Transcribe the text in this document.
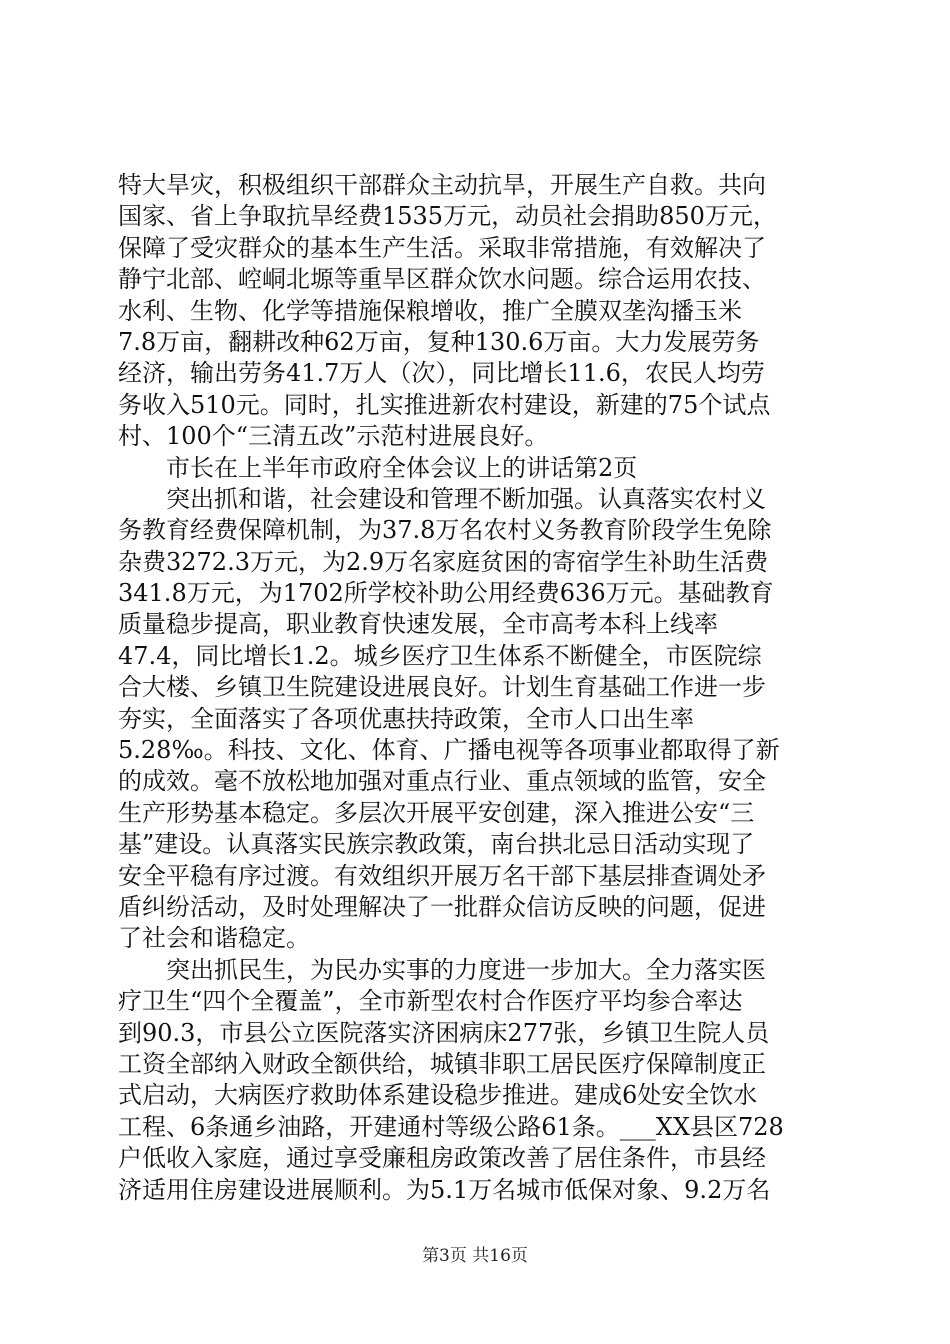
特大旱灾，积极组织干部群众主动抗旱，开展生产自救。共向
国家、省上争取抗旱经费1535万元，动员社会捐助850万元，
保障了受灾群众的基本生产生活。采取非常措施，有效解决了
静宁北部、崆峒北塬等重旱区群众饮水问题。综合运用农技、
水利、生物、化学等措施保粮增收，推广全膜双垄沟播玉米
7.8万亩，翻耕改种62万亩，复种130.6万亩。大力发展劳务
经济，输出劳务41.7万人（次），同比增长11.6，农民人均劳
务收入510元。同时，扎实推进新农村建设，新建的75个试点
村、100个“三清五改”示范村进展良好。
　　市长在上半年市政府全体会议上的讲话第2页
　　突出抓和谐，社会建设和管理不断加强。认真落实农村义
务教育经费保障机制，为37.8万名农村义务教育阶段学生免除
杂费3272.3万元，为2.9万名家庭贫困的寄宿学生补助生活费
341.8万元，为1702所学校补助公用经费636万元。基础教育
质量稳步提高，职业教育快速发展，全市高考本科上线率
47.4，同比增长1.2。城乡医疗卫生体系不断健全，市医院综
合大楼、乡镇卫生院建设进展良好。计划生育基础工作进一步
夯实，全面落实了各项优惠扶持政策，全市人口出生率
5.28‰。科技、文化、体育、广播电视等各项事业都取得了新
的成效。毫不放松地加强对重点行业、重点领域的监管，安全
生产形势基本稳定。多层次开展平安创建，深入推进公安“三
基”建设。认真落实民族宗教政策，南台拱北忌日活动实现了
安全平稳有序过渡。有效组织开展万名干部下基层排查调处矛
盾纠纷活动，及时处理解决了一批群众信访反映的问题，促进
了社会和谐稳定。
　　突出抓民生，为民办实事的力度进一步加大。全力落实医
疗卫生“四个全覆盖”，全市新型农村合作医疗平均参合率达
到90.3，市县公立医院落实济困病床277张，乡镇卫生院人员
工资全部纳入财政全额供给，城镇非职工居民医疗保障制度正
式启动，大病医疗救助体系建设稳步推进。建成6处安全饮水
工程、6条通乡油路，开建通村等级公路61条。___XX县区728
户低收入家庭，通过享受廉租房政策改善了居住条件，市县经
济适用住房建设进展顺利。为5.1万名城市低保对象、9.2万名
第3页 共16页
